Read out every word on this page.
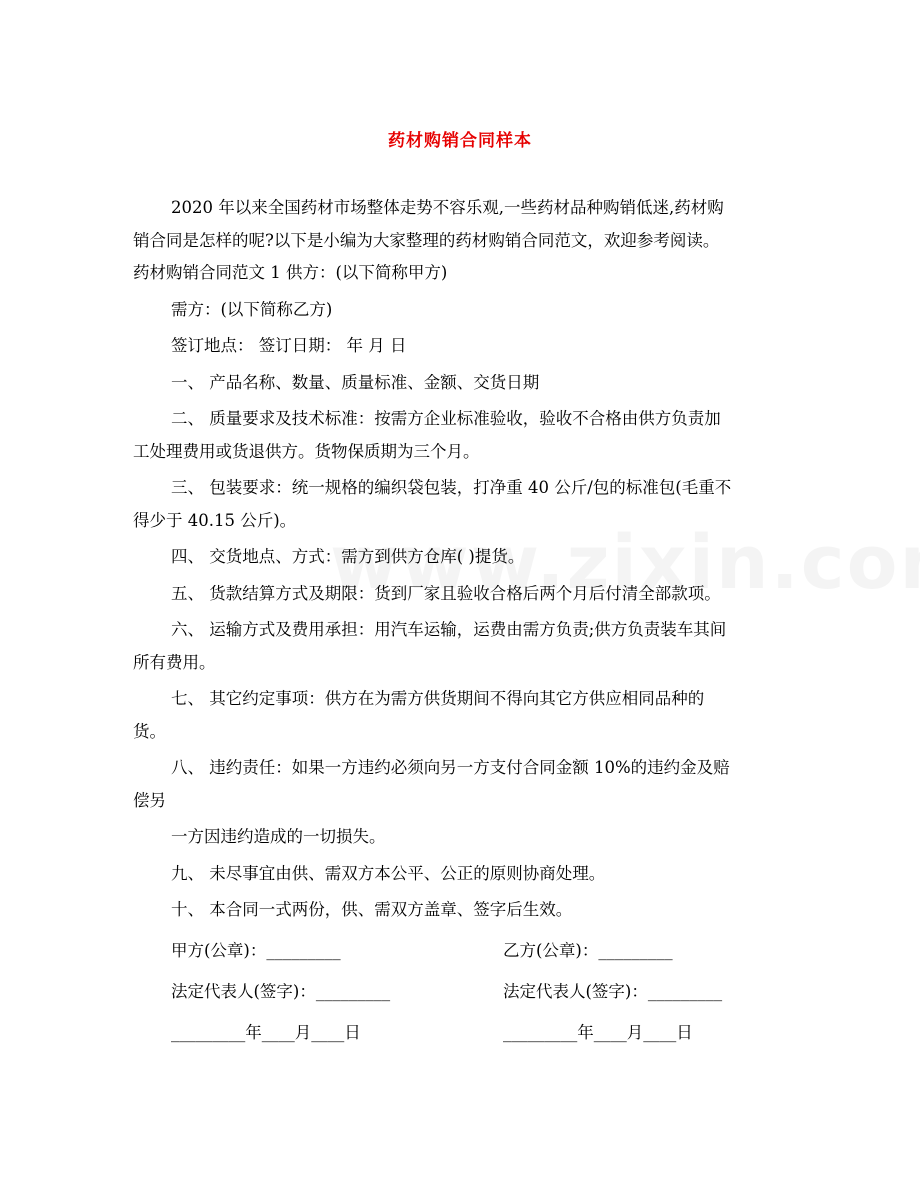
药材购销合同样本
2020 年以来全国药材市场整体走势不容乐观,一些药材品种购销低迷,药材购
销合同是怎样的呢?以下是小编为大家整理的药材购销合同范文，欢迎参考阅读。
药材购销合同范文 1 供方：(以下简称甲方)
需方：(以下简称乙方)
签订地点： 签订日期： 年 月 日
一、 产品名称、数量、质量标准、金额、交货日期
二、 质量要求及技术标准：按需方企业标准验收，验收不合格由供方负责加
工处理费用或货退供方。货物保质期为三个月。
三、 包装要求：统一规格的编织袋包装，打净重 40 公斤/包的标准包(毛重不
得少于 40.15 公斤)。
四、 交货地点、方式：需方到供方仓库( )提货。
五、 货款结算方式及期限：货到厂家且验收合格后两个月后付清全部款项。
六、 运输方式及费用承担：用汽车运输，运费由需方负责;供方负责装车其间
所有费用。
七、 其它约定事项：供方在为需方供货期间不得向其它方供应相同品种的
货。
八、 违约责任：如果一方违约必须向另一方支付合同金额 10%的违约金及赔
偿另
一方因违约造成的一切损失。
九、 未尽事宜由供、需双方本公平、公正的原则协商处理。
十、 本合同一式两份，供、需双方盖章、签字后生效。
甲方(公章)：_________	乙方(公章)：_________
法定代表人(签字)：_________	法定代表人(签字)：_________
_________年____月____日	_________年____月____日
